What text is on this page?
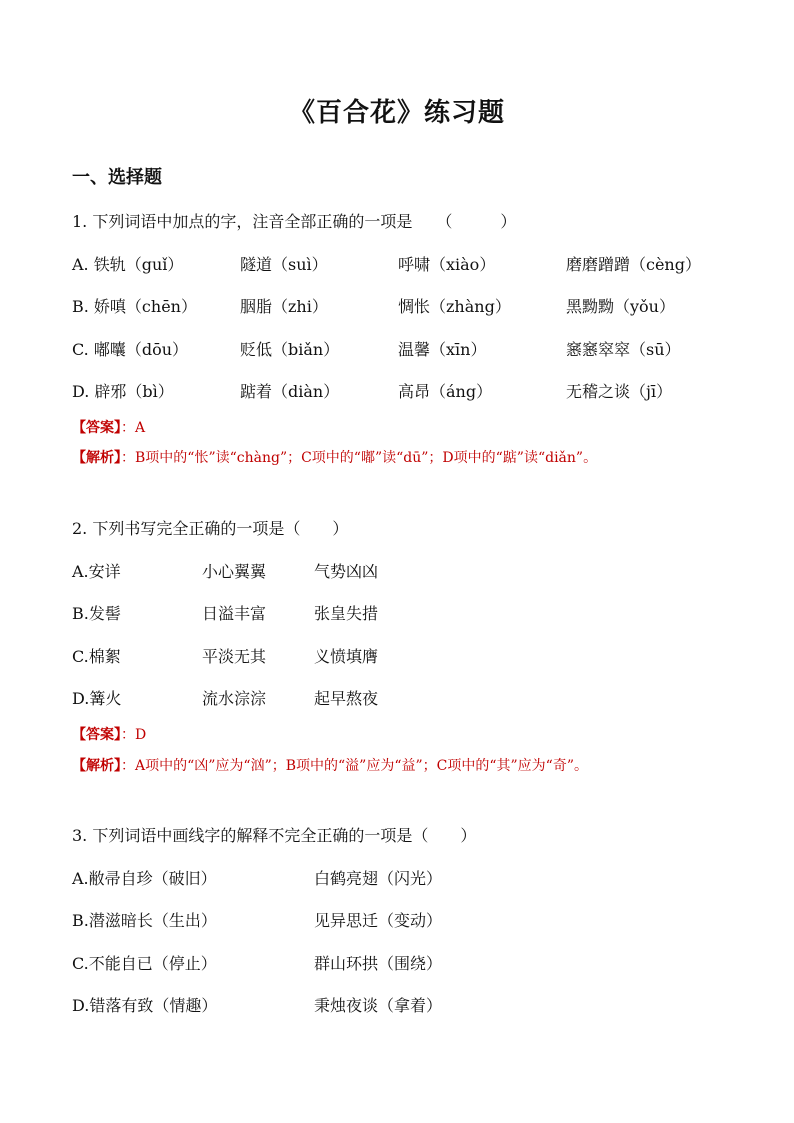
《百合花》练习题
一、选择题
1. 下列词语中加点的字，注音全部正确的一项是　　（　　　）
A. 铁轨（guǐ）	隧道（suì）	呼啸（xiào）	磨磨蹭蹭（cèng）
B. 娇嗔（chēn）	胭脂（zhi）	惆怅（zhàng）	黑黝黝（yǒu）
C. 嘟囔（dōu）	贬低（biǎn）	温馨（xīn）	窸窸窣窣（sū）
D. 辟邪（bì）	踮着（diàn）	高昂（áng）	无稽之谈（jī）
【答案】：A
【解析】：B项中的“怅”读“chàng”；C项中的“嘟”读“dū”；D项中的“踮”读“diǎn”。
2. 下列书写完全正确的一项是（　　）
A.安详	小心翼翼	气势凶凶
B.发髻	日溢丰富	张皇失措
C.棉絮	平淡无其	义愤填膺
D.篝火	流水淙淙	起早熬夜
【答案】：D
【解析】：A项中的“凶”应为“汹”；B项中的“溢”应为“益”；C项中的“其”应为“奇”。
3. 下列词语中画线字的解释不完全正确的一项是（　　）
A.敝帚自珍（破旧）	白鹤亮翅（闪光）
B.潜滋暗长（生出）	见异思迁（变动）
C.不能自已（停止）	群山环拱（围绕）
D.错落有致（情趣）	秉烛夜谈（拿着）
